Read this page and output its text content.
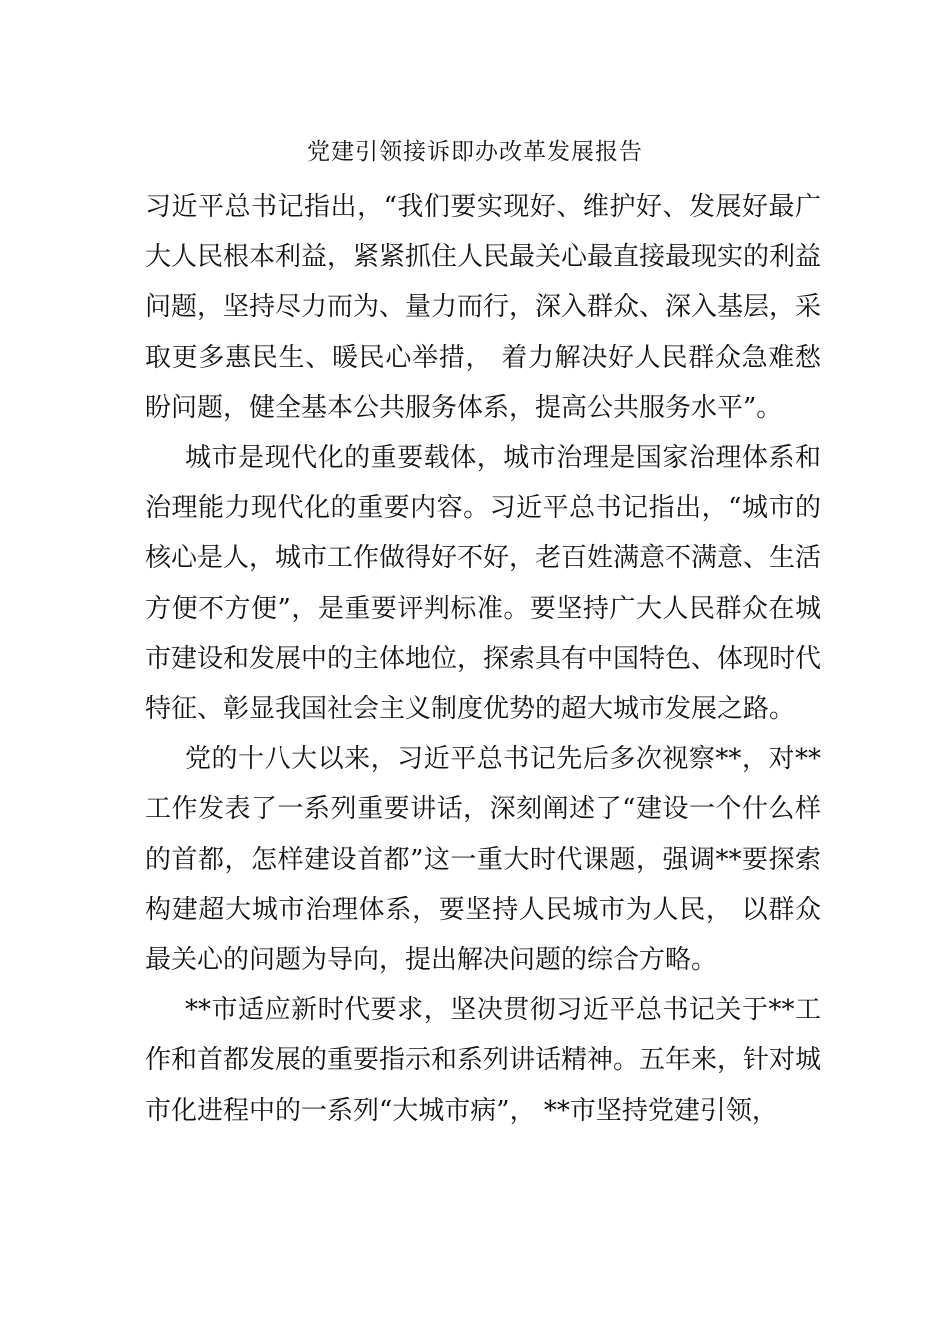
党建引领接诉即办改革发展报告

习近平总书记指出，“我们要实现好、维护好、发展好最广大人民根本利益，紧紧抓住人民最关心最直接最现实的利益问题，坚持尽力而为、量力而行，深入群众、深入基层，采取更多惠民生、暖民心举措， 着力解决好人民群众急难愁盼问题，健全基本公共服务体系，提高公共服务水平”。

城市是现代化的重要载体，城市治理是国家治理体系和治理能力现代化的重要内容。习近平总书记指出，“城市的核心是人，城市工作做得好不好，老百姓满意不满意、生活方便不方便”，是重要评判标准。要坚持广大人民群众在城市建设和发展中的主体地位，探索具有中国特色、体现时代特征、彰显我国社会主义制度优势的超大城市发展之路。

党的十八大以来，习近平总书记先后多次视察**，对**工作发表了一系列重要讲话，深刻阐述了“建设一个什么样的首都，怎样建设首都”这一重大时代课题，强调**要探索构建超大城市治理体系，要坚持人民城市为人民， 以群众最关心的问题为导向，提出解决问题的综合方略。

**市适应新时代要求，坚决贯彻习近平总书记关于**工作和首都发展的重要指示和系列讲话精神。五年来，针对城市化进程中的一系列“大城市病”， **市坚持党建引领，
